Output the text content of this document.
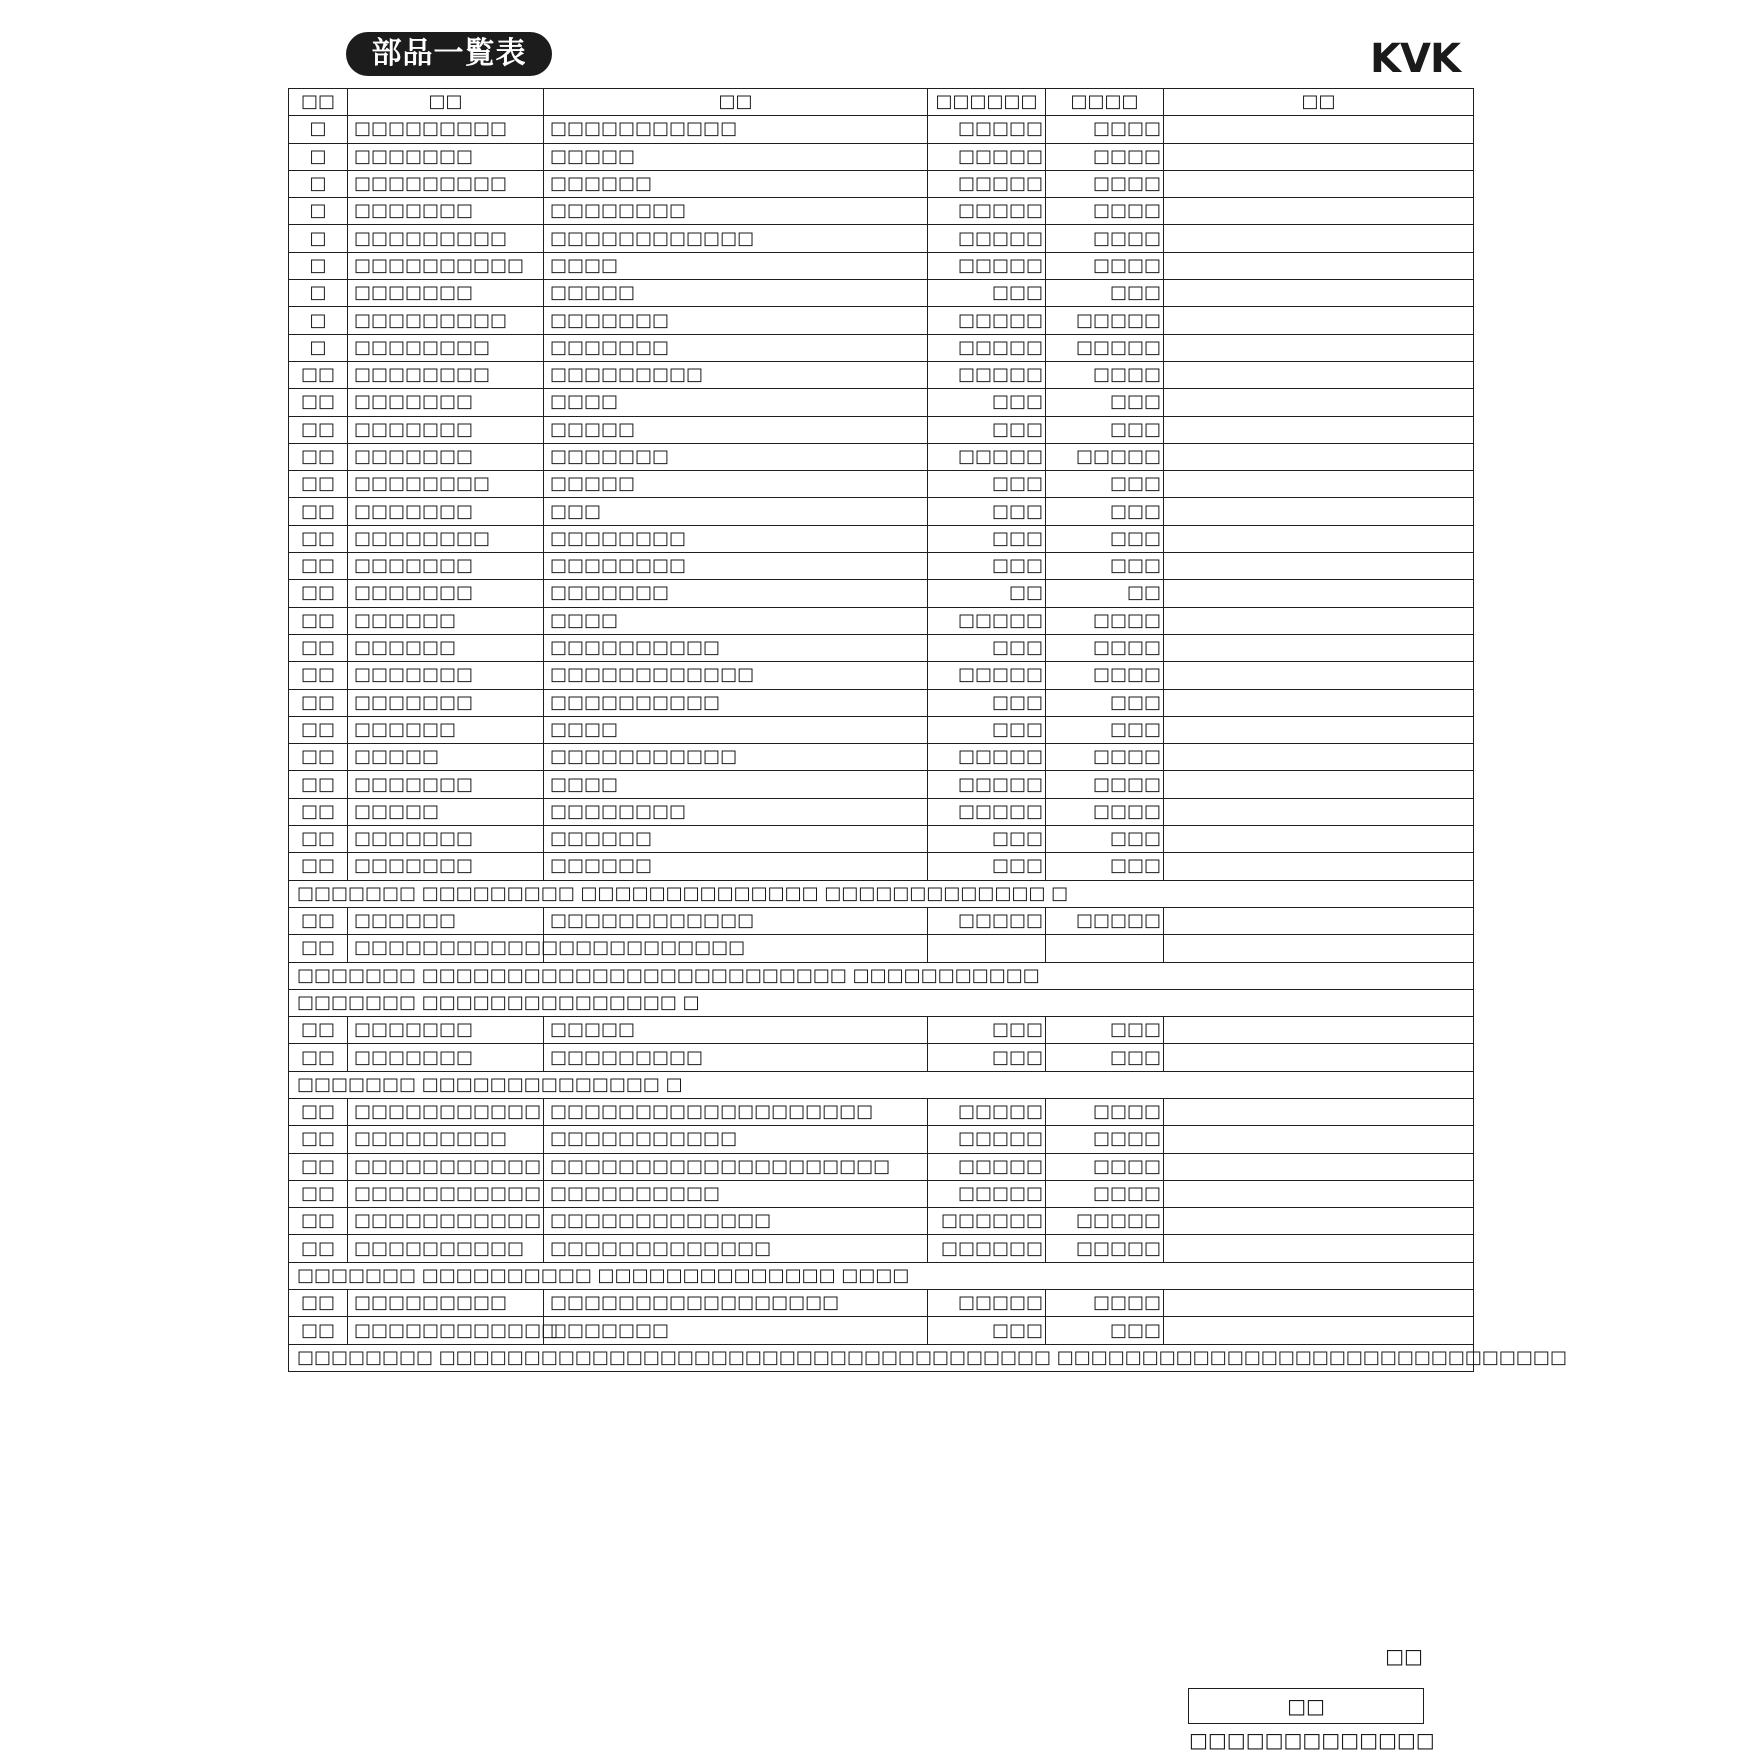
部品一覧表	KVK
□□	□□	□□	□□□□□□	□□□□	□□
□	□□□□□□□□□	□□□□□□□□□□□	□□□□□	□□□□	
□	□□□□□□□	□□□□□	□□□□□	□□□□	
□	□□□□□□□□□	□□□□□□	□□□□□	□□□□	
□	□□□□□□□	□□□□□□□□	□□□□□	□□□□	
□	□□□□□□□□□	□□□□□□□□□□□□	□□□□□	□□□□	
□	□□□□□□□□□□	□□□□	□□□□□	□□□□	
□	□□□□□□□	□□□□□	□□□	□□□	
□	□□□□□□□□□	□□□□□□□	□□□□□	□□□□□	
□	□□□□□□□□	□□□□□□□	□□□□□	□□□□□	
□□	□□□□□□□□	□□□□□□□□□	□□□□□	□□□□	
□□	□□□□□□□	□□□□	□□□	□□□	
□□	□□□□□□□	□□□□□	□□□	□□□	
□□	□□□□□□□	□□□□□□□	□□□□□	□□□□□	
□□	□□□□□□□□	□□□□□	□□□	□□□	
□□	□□□□□□□	□□□	□□□	□□□	
□□	□□□□□□□□	□□□□□□□□	□□□	□□□	
□□	□□□□□□□	□□□□□□□□	□□□	□□□	
□□	□□□□□□□	□□□□□□□	□□	□□	
□□	□□□□□□	□□□□	□□□□□	□□□□	
□□	□□□□□□	□□□□□□□□□□	□□□	□□□□	
□□	□□□□□□□	□□□□□□□□□□□□	□□□□□	□□□□	
□□	□□□□□□□	□□□□□□□□□□	□□□	□□□	
□□	□□□□□□	□□□□	□□□	□□□	
□□	□□□□□	□□□□□□□□□□□	□□□□□	□□□□	
□□	□□□□□□□	□□□□	□□□□□	□□□□	
□□	□□□□□	□□□□□□□□	□□□□□	□□□□	
□□	□□□□□□□	□□□□□□	□□□	□□□	
□□	□□□□□□□	□□□□□□	□□□	□□□	
□□□□□□□ □□□□□□□□□ □□□□□□□□□□□□□□ □□□□□□□□□□□□□ □					
□□	□□□□□□	□□□□□□□□□□□□	□□□□□	□□□□□	
□□	□□□□□□□□□□□□□□□□□□□□□□□				
□□□□□□□ □□□□□□□□□□□□□□□□□□□□□□□□□ □□□□□□□□□□□					
□□□□□□□ □□□□□□□□□□□□□□□ □					
□□	□□□□□□□	□□□□□	□□□	□□□	
□□	□□□□□□□	□□□□□□□□□	□□□	□□□	
□□□□□□□ □□□□□□□□□□□□□□ □					
□□	□□□□□□□□□□□	□□□□□□□□□□□□□□□□□□□	□□□□□	□□□□	
□□	□□□□□□□□□	□□□□□□□□□□□	□□□□□	□□□□	
□□	□□□□□□□□□□□	□□□□□□□□□□□□□□□□□□□□	□□□□□	□□□□	
□□	□□□□□□□□□□□	□□□□□□□□□□	□□□□□	□□□□	
□□	□□□□□□□□□□□	□□□□□□□□□□□□□	□□□□□□	□□□□□	
□□	□□□□□□□□□□	□□□□□□□□□□□□□	□□□□□□	□□□□□	
□□□□□□□ □□□□□□□□□□ □□□□□□□□□□□□□□ □□□□					
□□	□□□□□□□□□	□□□□□□□□□□□□□□□□□	□□□□□	□□□□	
□□	□□□□□□□□□□□□	□□□□□□□	□□□	□□□	
□□□□□□□□ □□□□□□□□□□□□□□□□□□□□□□□□□□□□□□□□□□□□ □□□□□□□□□□□□□□□□□□□□□□□□□□□□□□					
□□
□□ □□□□□□□□□□□□□
